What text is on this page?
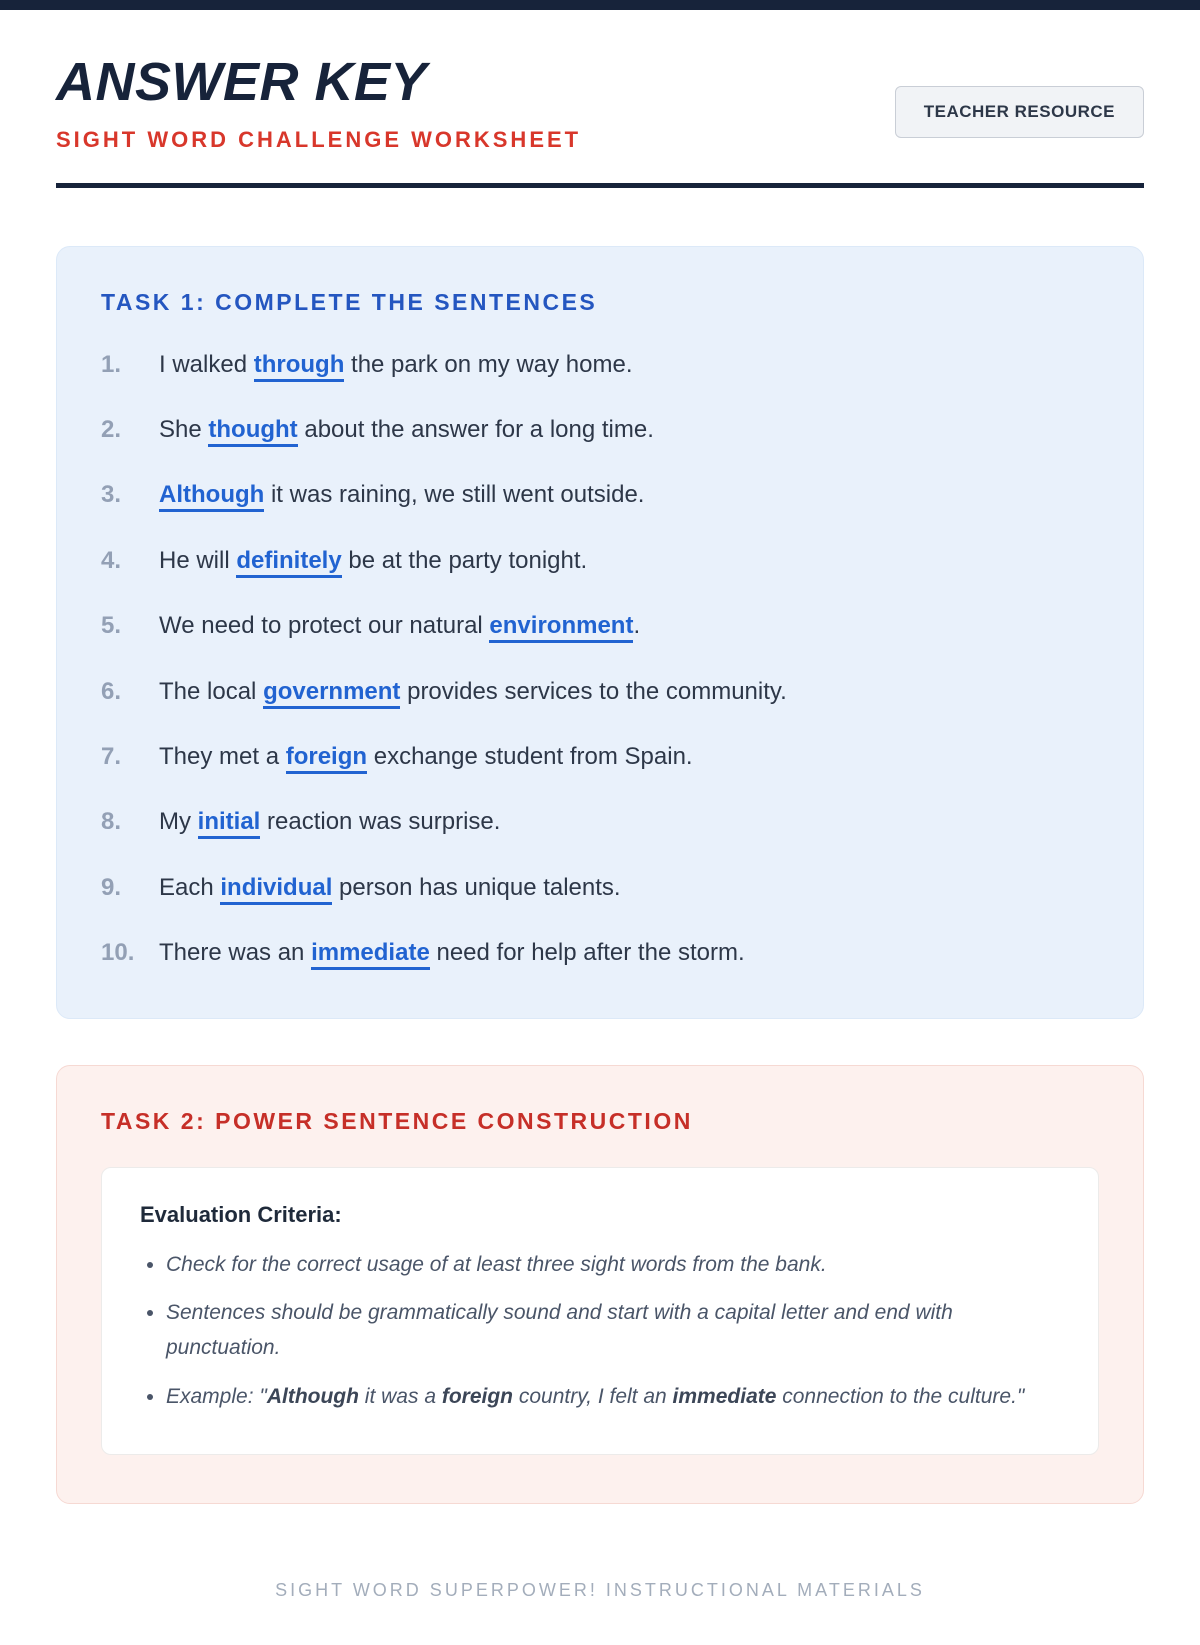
ANSWER KEY
SIGHT WORD CHALLENGE WORKSHEET
TEACHER RESOURCE
TASK 1: COMPLETE THE SENTENCES
1.	I walked through the park on my way home.
2.	She thought about the answer for a long time.
3.	Although it was raining, we still went outside.
4.	He will definitely be at the party tonight.
5.	We need to protect our natural environment.
6.	The local government provides services to the community.
7.	They met a foreign exchange student from Spain.
8.	My initial reaction was surprise.
9.	Each individual person has unique talents.
10.	There was an immediate need for help after the storm.
TASK 2: POWER SENTENCE CONSTRUCTION
Evaluation Criteria:
• Check for the correct usage of at least three sight words from the bank.
• Sentences should be grammatically sound and start with a capital letter and end with punctuation.
• Example: "Although it was a foreign country, I felt an immediate connection to the culture."
SIGHT WORD SUPERPOWER! INSTRUCTIONAL MATERIALS
